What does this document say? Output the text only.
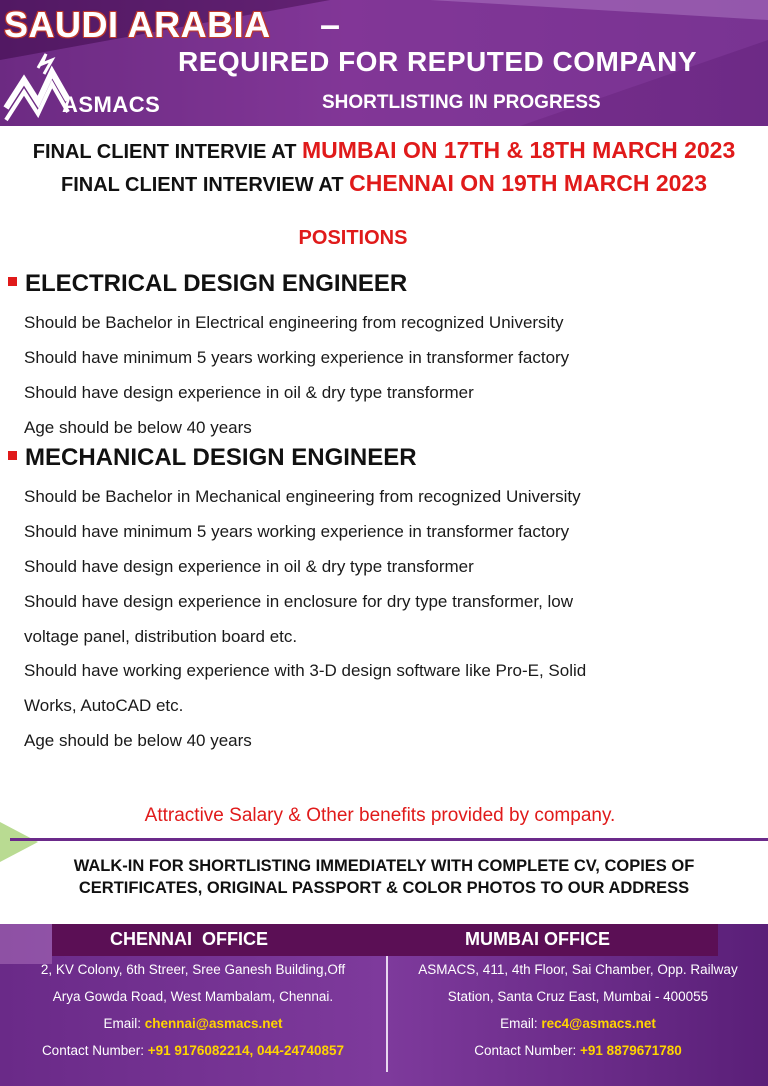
SAUDI ARABIA –
REQUIRED FOR REPUTED COMPANY
SHORTLISTING IN PROGRESS
ASMACS
FINAL CLIENT INTERVIE AT MUMBAI ON 17TH & 18TH MARCH 2023
FINAL CLIENT INTERVIEW AT CHENNAI ON 19TH MARCH 2023
POSITIONS
ELECTRICAL DESIGN ENGINEER
Should be Bachelor in Electrical engineering from recognized University
Should have minimum 5 years working experience in transformer factory
Should have design experience in oil & dry type transformer
Age should be below 40 years
MECHANICAL DESIGN ENGINEER
Should be Bachelor in Mechanical engineering from recognized University
Should have minimum 5 years working experience in transformer factory
Should have design experience in oil & dry type transformer
Should have design experience in enclosure for dry type transformer, low
voltage panel, distribution board etc.
Should have working experience with 3-D design software like Pro-E, Solid
Works, AutoCAD etc.
Age should be below 40 years
Attractive Salary & Other benefits provided by company.
WALK-IN FOR SHORTLISTING IMMEDIATELY WITH COMPLETE CV, COPIES OF
CERTIFICATES, ORIGINAL PASSPORT & COLOR PHOTOS TO OUR ADDRESS
CHENNAI  OFFICE	MUMBAI OFFICE
2, KV Colony, 6th Streer, Sree Ganesh Building,Off
Arya Gowda Road, West Mambalam, Chennai.
Email: chennai@asmacs.net
Contact Number: +91 9176082214, 044-24740857
ASMACS, 411, 4th Floor, Sai Chamber, Opp. Railway
Station, Santa Cruz East, Mumbai - 400055
Email: rec4@asmacs.net
Contact Number: +91 8879671780
